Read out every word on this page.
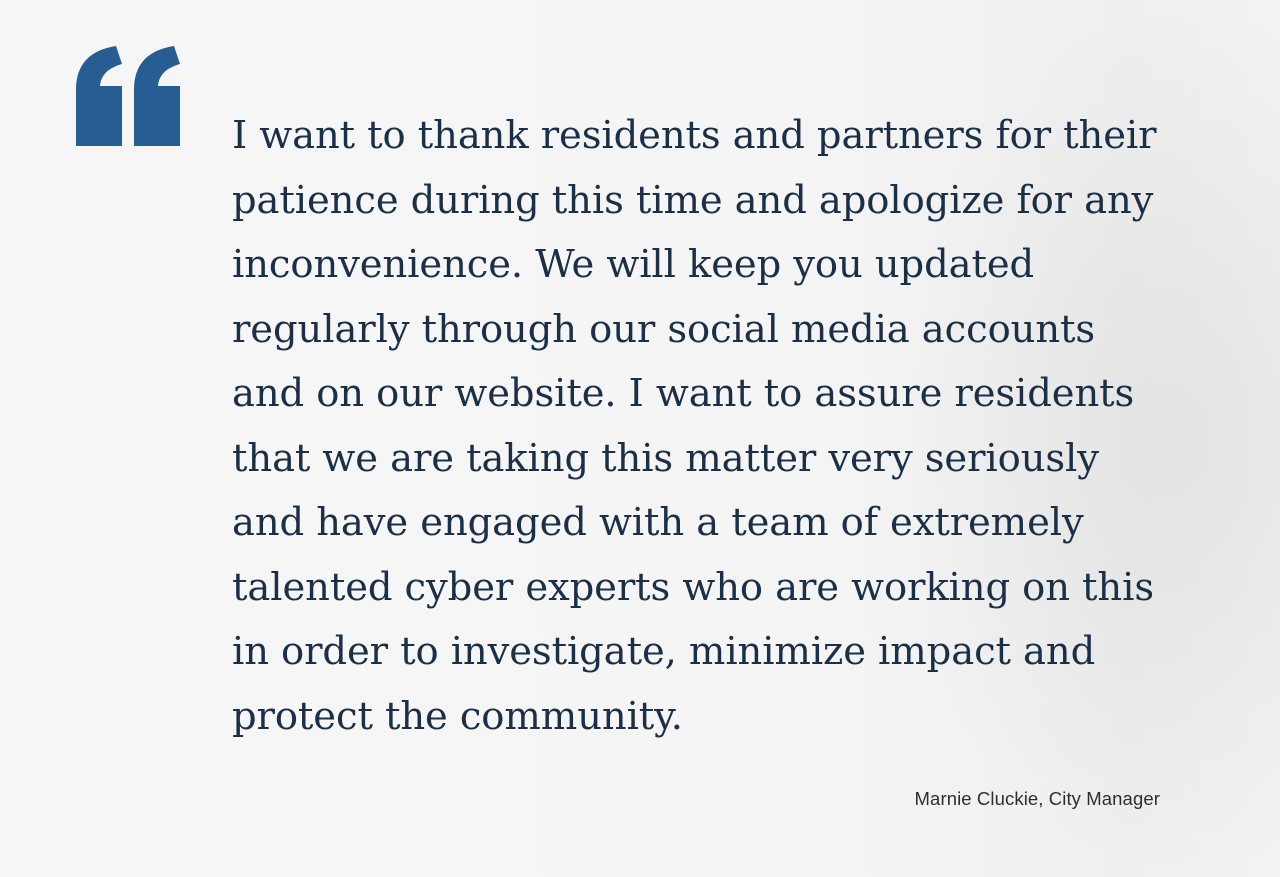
I want to thank residents and partners for their patience during this time and apologize for any inconvenience. We will keep you updated regularly through our social media accounts and on our website. I want to assure residents that we are taking this matter very seriously and have engaged with a team of extremely talented cyber experts who are working on this in order to investigate, minimize impact and protect the community.

Marnie Cluckie, City Manager
